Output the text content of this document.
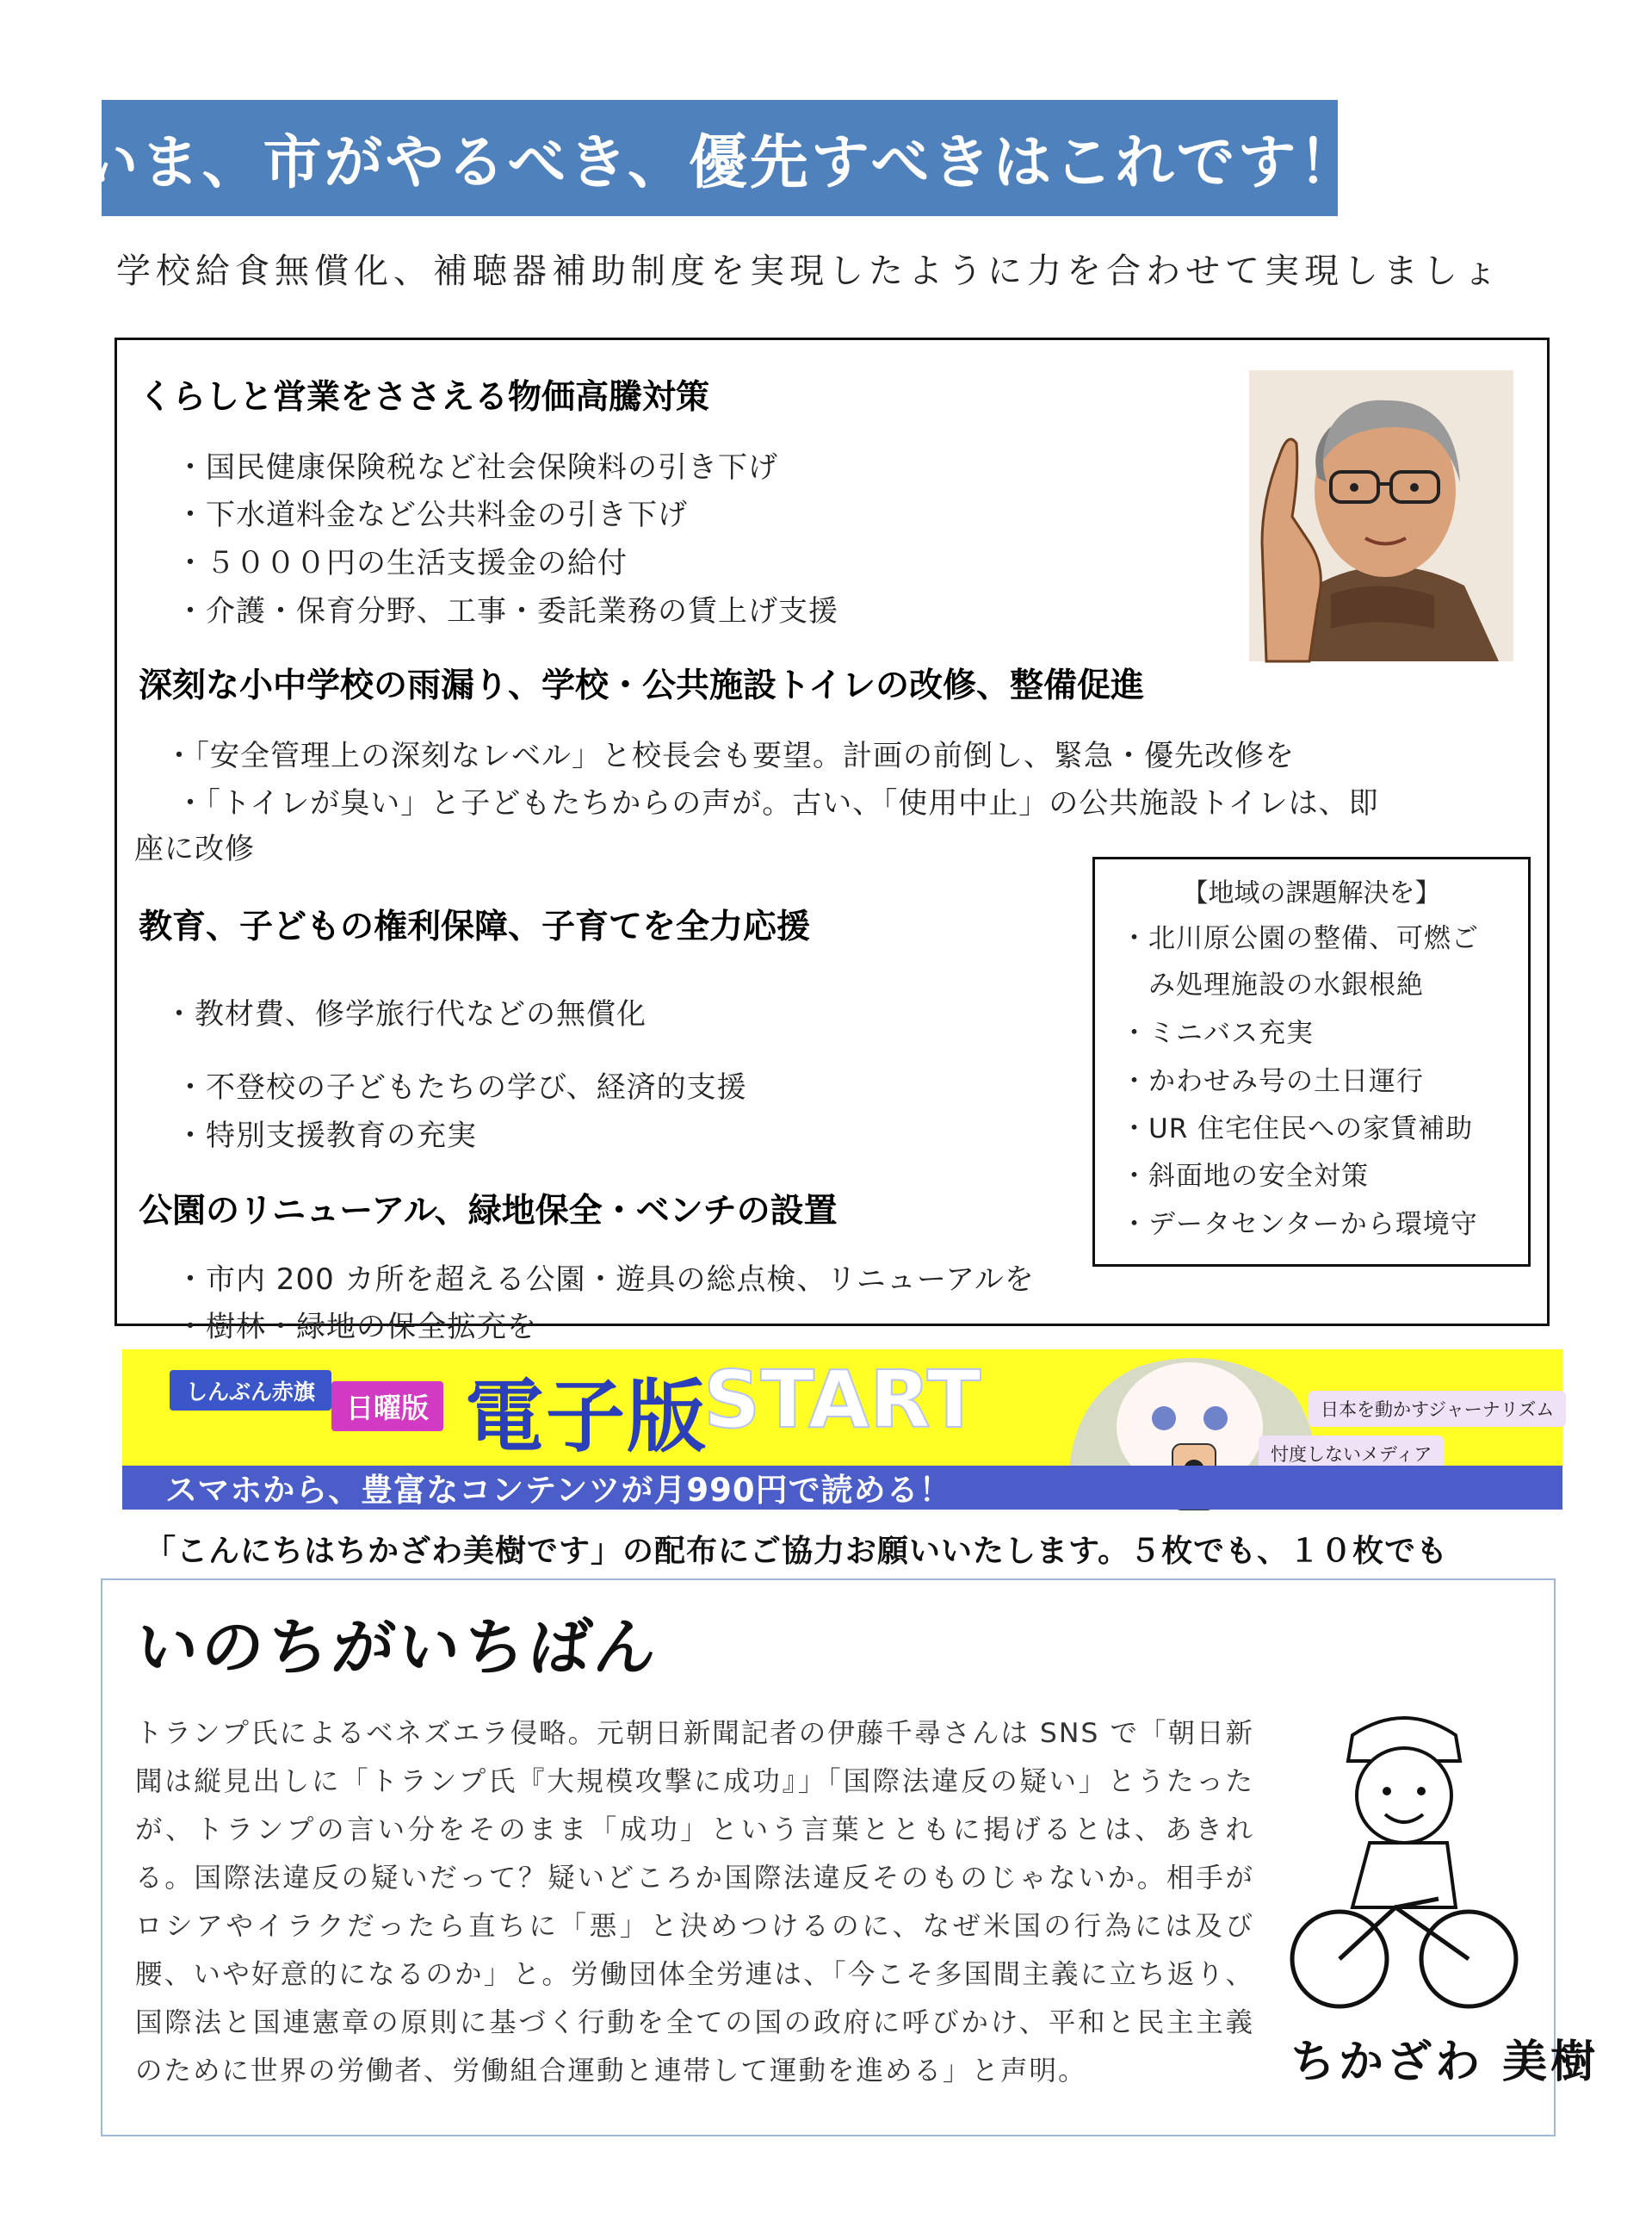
いま、市がやるべき、優先すべきはこれです！
学校給食無償化、補聴器補助制度を実現したように力を合わせて実現しましょ
くらしと営業をささえる物価高騰対策
・国民健康保険税など社会保険料の引き下げ
・下水道料金など公共料金の引き下げ
・５０００円の生活支援金の給付
・介護・保育分野、工事・委託業務の賃上げ支援
深刻な小中学校の雨漏り、学校・公共施設トイレの改修、整備促進
・「安全管理上の深刻なレベル」と校長会も要望。計画の前倒し、緊急・優先改修を
・「トイレが臭い」と子どもたちからの声が。古い、「使用中止」の公共施設トイレは、即
座に改修
教育、子どもの権利保障、子育てを全力応援
・教材費、修学旅行代などの無償化
・不登校の子どもたちの学び、経済的支援
・特別支援教育の充実
公園のリニューアル、緑地保全・ベンチの設置
・市内 200 カ所を超える公園・遊具の総点検、リニューアルを
・樹林・緑地の保全拡充を
【地域の課題解決を】
・北川原公園の整備、可燃ご
み処理施設の水銀根絶
・ミニバス充実
・かわせみ号の土日運行
・UR 住宅住民への家賃補助
・斜面地の安全対策
・データセンターから環境守
しんぶん赤旗	日曜版 電子版
START	日本を動かすジャーナリズム
忖度しないメディア
スマホから、豊富なコンテンツが月990円で読める！
「こんにちはちかざわ美樹です」の配布にご協力お願いいたします。５枚でも、１０枚でも
いのちがいちばん
トランプ氏によるベネズエラ侵略。元朝日新聞記者の伊藤千尋さんは SNS で「朝日新聞は縦見出しに「トランプ氏『大規模攻撃に成功』」「国際法違反の疑い」とうたったが、トランプの言い分をそのまま「成功」という言葉とともに掲げるとは、あきれる。国際法違反の疑いだって？疑いどころか国際法違反そのものじゃないか。相手がロシアやイラクだったら直ちに「悪」と決めつけるのに、なぜ米国の行為には及び腰、いや好意的になるのか」と。労働団体全労連は、「今こそ多国間主義に立ち返り、国際法と国連憲章の原則に基づく行動を全ての国の政府に呼びかけ、平和と民主主義のために世界の労働者、労働組合運動と連帯して運動を進める」と声明。	ちかざわ 美樹
